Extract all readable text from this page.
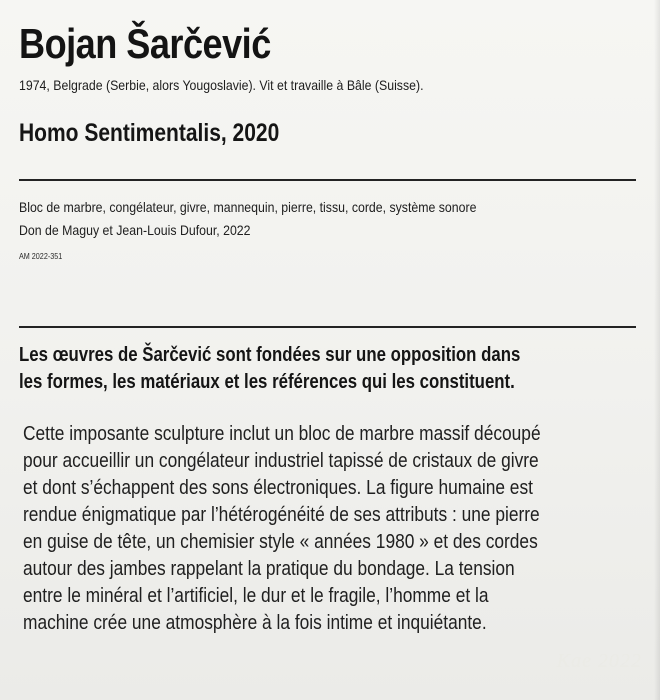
Bojan Šarčević

1974, Belgrade (Serbie, alors Yougoslavie). Vit et travaille à Bâle (Suisse).

Homo Sentimentalis, 2020

Bloc de marbre, congélateur, givre, mannequin, pierre, tissu, corde, système sonore

Don de Maguy et Jean-Louis Dufour, 2022

AM 2022-351

Les œuvres de Šarčević sont fondées sur une opposition dans
les formes, les matériaux et les références qui les constituent.

Cette imposante sculpture inclut un bloc de marbre massif découpé
pour accueillir un congélateur industriel tapissé de cristaux de givre
et dont s’échappent des sons électroniques. La figure humaine est
rendue énigmatique par l’hétérogénéité de ses attributs : une pierre
en guise de tête, un chemisier style « années 1980 » et des cordes
autour des jambes rappelant la pratique du bondage. La tension
entre le minéral et l’artificiel, le dur et le fragile, l’homme et la
machine crée une atmosphère à la fois intime et inquiétante.

Kae 2022
